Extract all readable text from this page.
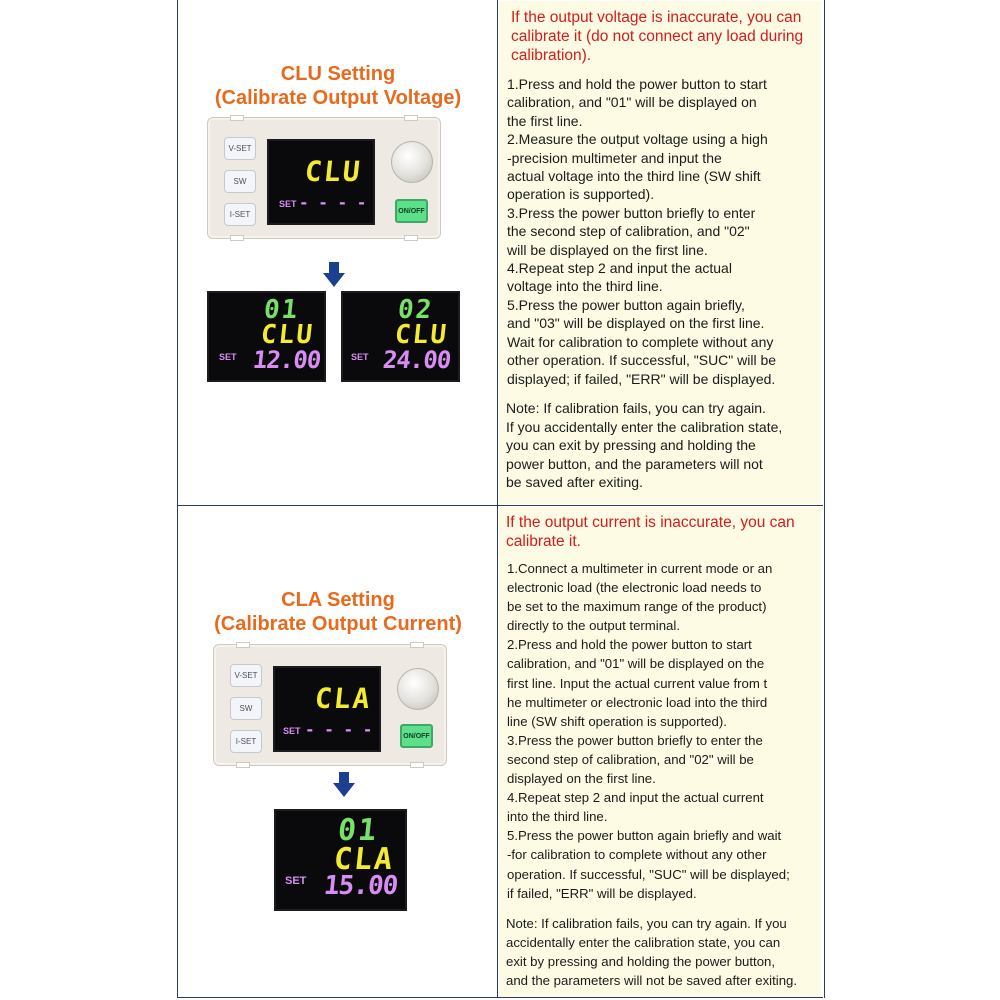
CLU Setting
(Calibrate Output Voltage)
V-SET
SW
I-SET
CLU
SET - - - -	ON/OFF
01
CLU
SET 12.00
02
CLU
SET 24.00
If the output voltage is inaccurate, you can calibrate it (do not connect any load during calibration).
1.Press and hold the power button to start
calibration, and "01" will be displayed on
the first line.
2.Measure the output voltage using a high
-precision multimeter and input the
actual voltage into the third line (SW shift
operation is supported).
3.Press the power button briefly to enter
the second step of calibration, and "02"
will be displayed on the first line.
4.Repeat step 2 and input the actual
voltage into the third line.
5.Press the power button again briefly,
and "03" will be displayed on the first line.
Wait for calibration to complete without any
other operation. If successful, "SUC" will be
displayed; if failed, "ERR" will be displayed.
Note: If calibration fails, you can try again.
If you accidentally enter the calibration state,
you can exit by pressing and holding the
power button, and the parameters will not
be saved after exiting.
CLA Setting
(Calibrate Output Current)
V-SET
SW
I-SET
CLA
SET - - - -	ON/OFF
01
CLA
SET 15.00
If the output current is inaccurate, you can calibrate it.
1.Connect a multimeter in current mode or an
electronic load (the electronic load needs to
be set to the maximum range of the product)
directly to the output terminal.
2.Press and hold the power button to start
calibration, and "01" will be displayed on the
first line. Input the actual current value from t
he multimeter or electronic load into the third
line (SW shift operation is supported).
3.Press the power button briefly to enter the
second step of calibration, and "02" will be
displayed on the first line.
4.Repeat step 2 and input the actual current
into the third line.
5.Press the power button again briefly and wait
-for calibration to complete without any other
operation. If successful, "SUC" will be displayed;
if failed, "ERR" will be displayed.
Note: If calibration fails, you can try again. If you
accidentally enter the calibration state, you can
exit by pressing and holding the power button,
and the parameters will not be saved after exiting.
